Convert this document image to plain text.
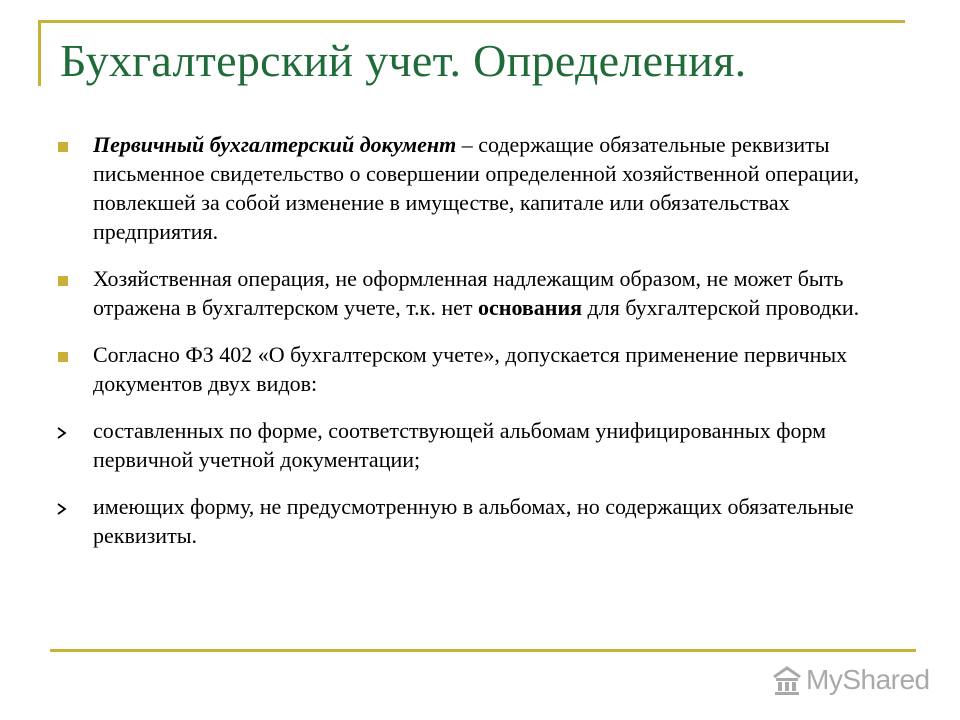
Бухгалтерский учет. Определения.
Первичный бухгалтерский документ – содержащие обязательные реквизиты письменное свидетельство о совершении определенной хозяйственной операции, повлекшей за собой изменение в имуществе, капитале или обязательствах предприятия.
Хозяйственная операция, не оформленная надлежащим образом, не может быть отражена в бухгалтерском учете, т.к. нет основания для бухгалтерской проводки.
Согласно ФЗ 402 «О бухгалтерском учете», допускается применение первичных документов двух видов:
составленных по форме, соответствующей альбомам унифицированных форм первичной учетной документации;
имеющих форму, не предусмотренную в альбомах, но содержащих обязательные реквизиты.
MyShared
